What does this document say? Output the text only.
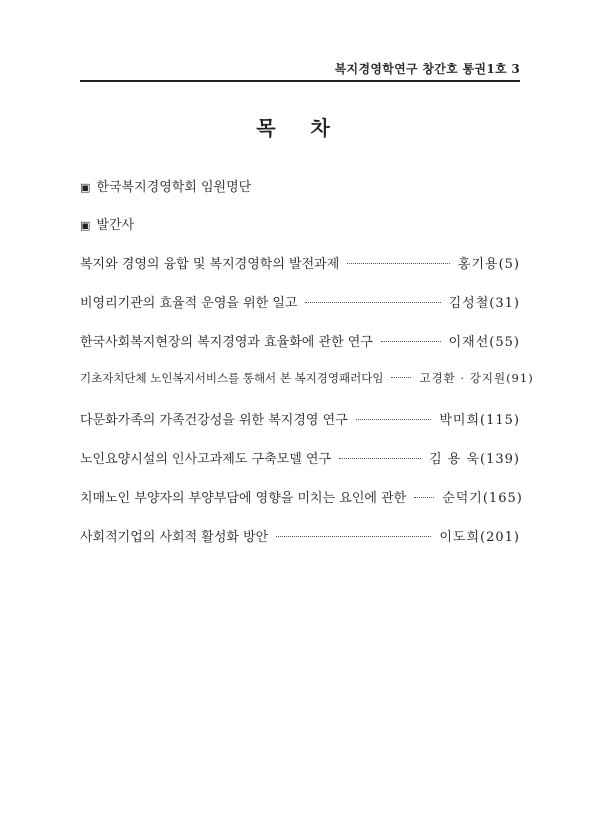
복지경영학연구 창간호 통권1호 3
목 차
▣ 한국복지경영학회 임원명단
▣ 발간사
복지와 경영의 융합 및 복지경영학의 발전과제	홍기용(5)
비영리기관의 효율적 운영을 위한 일고	김성철(31)
한국사회복지현장의 복지경영과 효율화에 관한 연구	이재선(55)
기초자치단체 노인복지서비스를 통해서 본 복지경영패러다임	고경환 · 강지원(91)
다문화가족의 가족건강성을 위한 복지경영 연구	박미희(115)
노인요양시설의 인사고과제도 구축모델 연구	김 용 욱(139)
치매노인 부양자의 부양부담에 영향을 미치는 요인에 관한	순덕기(165)
사회적기업의 사회적 활성화 방안	이도희(201)
